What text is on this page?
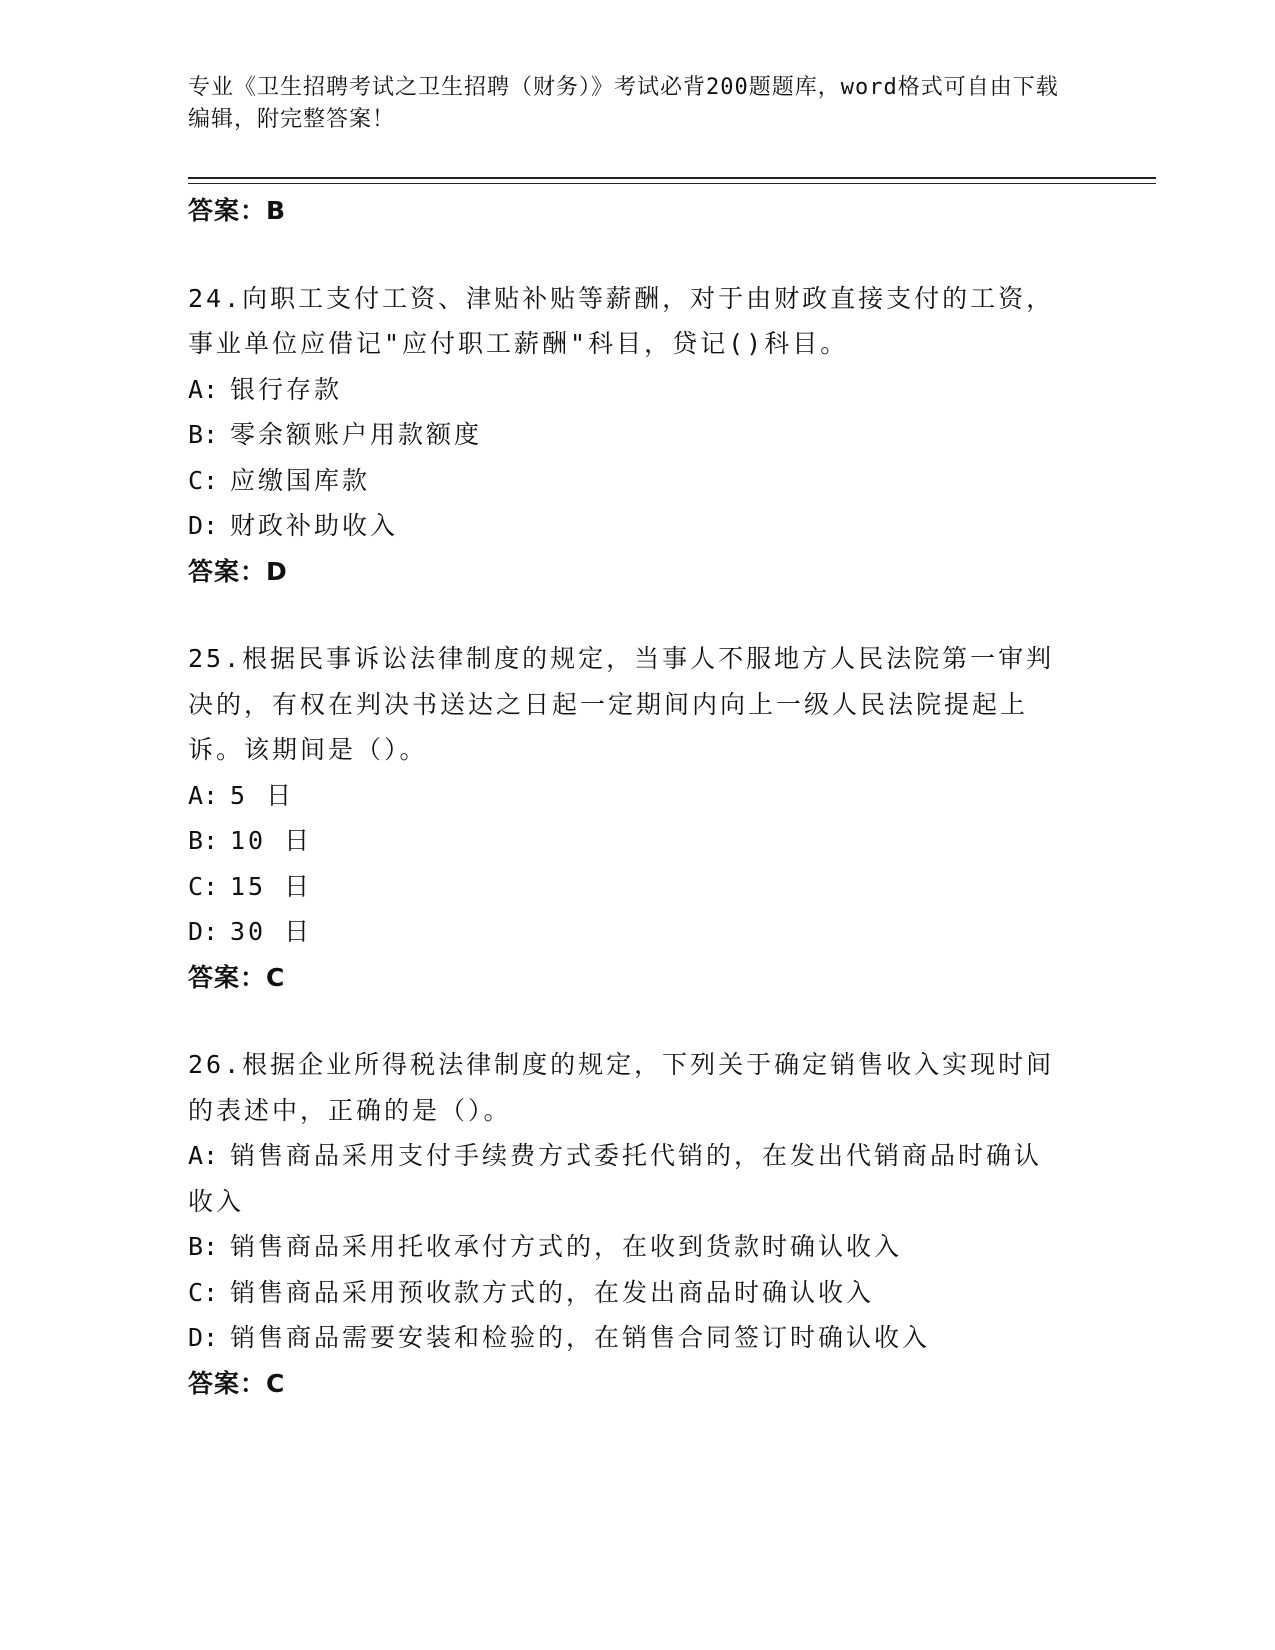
专业《卫生招聘考试之卫生招聘（财务）》考试必背200题题库，word格式可自由下载编辑，附完整答案！
答案：B
24.向职工支付工资、津贴补贴等薪酬，对于由财政直接支付的工资，
事业单位应借记"应付职工薪酬"科目，贷记()科目。
A: 银行存款
B: 零余额账户用款额度
C: 应缴国库款
D: 财政补助收入
答案：D
25.根据民事诉讼法律制度的规定，当事人不服地方人民法院第一审判
决的，有权在判决书送达之日起一定期间内向上一级人民法院提起上
诉。该期间是（）。
A: 5 日
B: 10 日
C: 15 日
D: 30 日
答案：C
26.根据企业所得税法律制度的规定，下列关于确定销售收入实现时间
的表述中，正确的是（）。
A: 销售商品采用支付手续费方式委托代销的，在发出代销商品时确认
收入
B: 销售商品采用托收承付方式的，在收到货款时确认收入
C: 销售商品采用预收款方式的，在发出商品时确认收入
D: 销售商品需要安装和检验的，在销售合同签订时确认收入
答案：C
